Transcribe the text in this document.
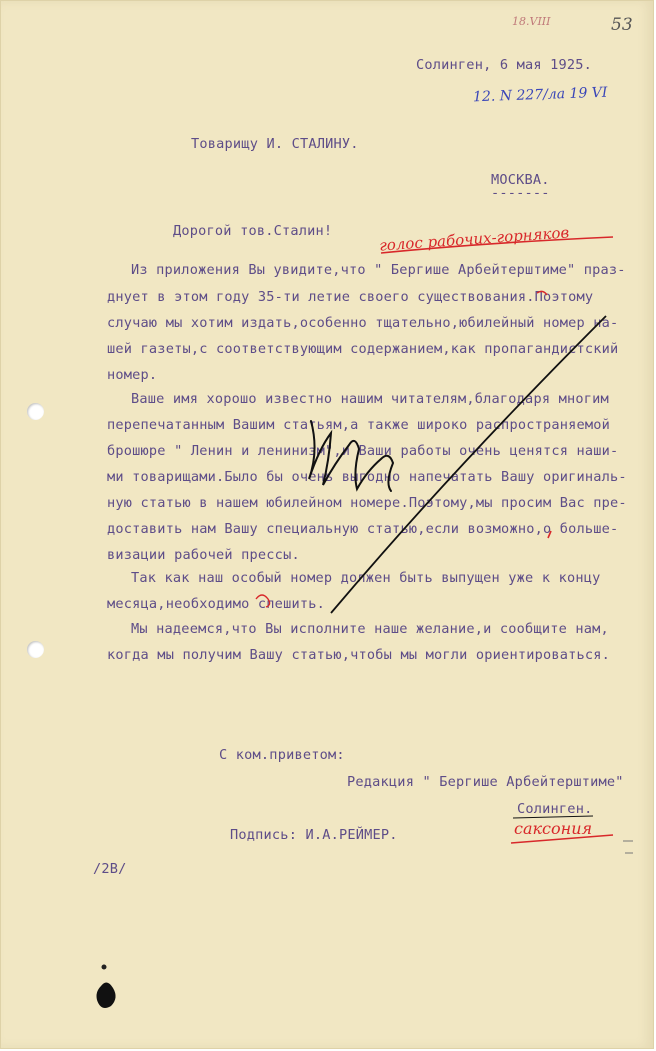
53
18.VIII
Солинген, 6 мая 1925.
12. N 227/ла 19 VI
Товарищу И. СТАЛИНУ.
МОСКВА.
-------
Дорогой тов.Сталин!	голос рабочих-горняков
Из приложения Вы увидите,что " Бергише Арбейтерштиме" праз-
днует в этом году 35-ти летие своего существования.Поэтому
случаю мы хотим издать,особенно тщательно,юбилейный номер на-
шей газеты,с соответствующим содержанием,как пропагандистский
номер.
Ваше имя хорошо известно нашим читателям,благодаря многим
перепечатанным Вашим статьям,а также широко распространяемой
брошюре " Ленин и ленинизм",и Ваши работы очень ценятся наши-
ми товарищами.Было бы очень выгодно напечатать Вашу оригиналь-
ную статью в нашем юбилейном номере.Поэтому,мы просим Вас пре-
доставить нам Вашу специальную статью,если возможно,о больше-
визации рабочей прессы.
Так как наш особый номер должен быть выпущен уже к концу
месяца,необходимо спешить.
Мы надеемся,что Вы исполните наше желание,и сообщите нам,
когда мы получим Вашу статью,чтобы мы могли ориентироваться.
С ком.приветом:
Редакция " Бергише Арбейтерштиме"
Солинген.
саксония
Подпись: И.А.РЕЙМЕР.
/2В/
